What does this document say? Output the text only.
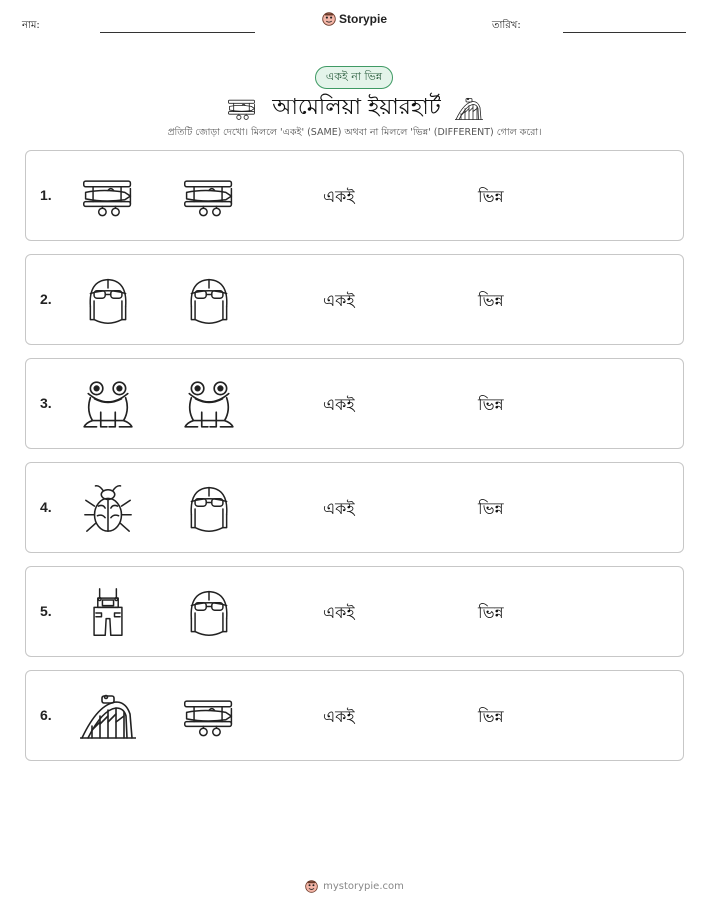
নাম:	Storypie	তারিখ:
একই না ভিন্ন
আমেলিয়া ইয়ারহার্ট
প্রতিটি জোড়া দেখো। মিললে 'একই' (SAME) অথবা না মিললে 'ভিন্ন' (DIFFERENT) গোল করো।
1.	একই	ভিন্ন
2.	একই	ভিন্ন
3.	একই	ভিন্ন
4.	একই	ভিন্ন
5.	একই	ভিন্ন
6.	একই	ভিন্ন
mystorypie.com
